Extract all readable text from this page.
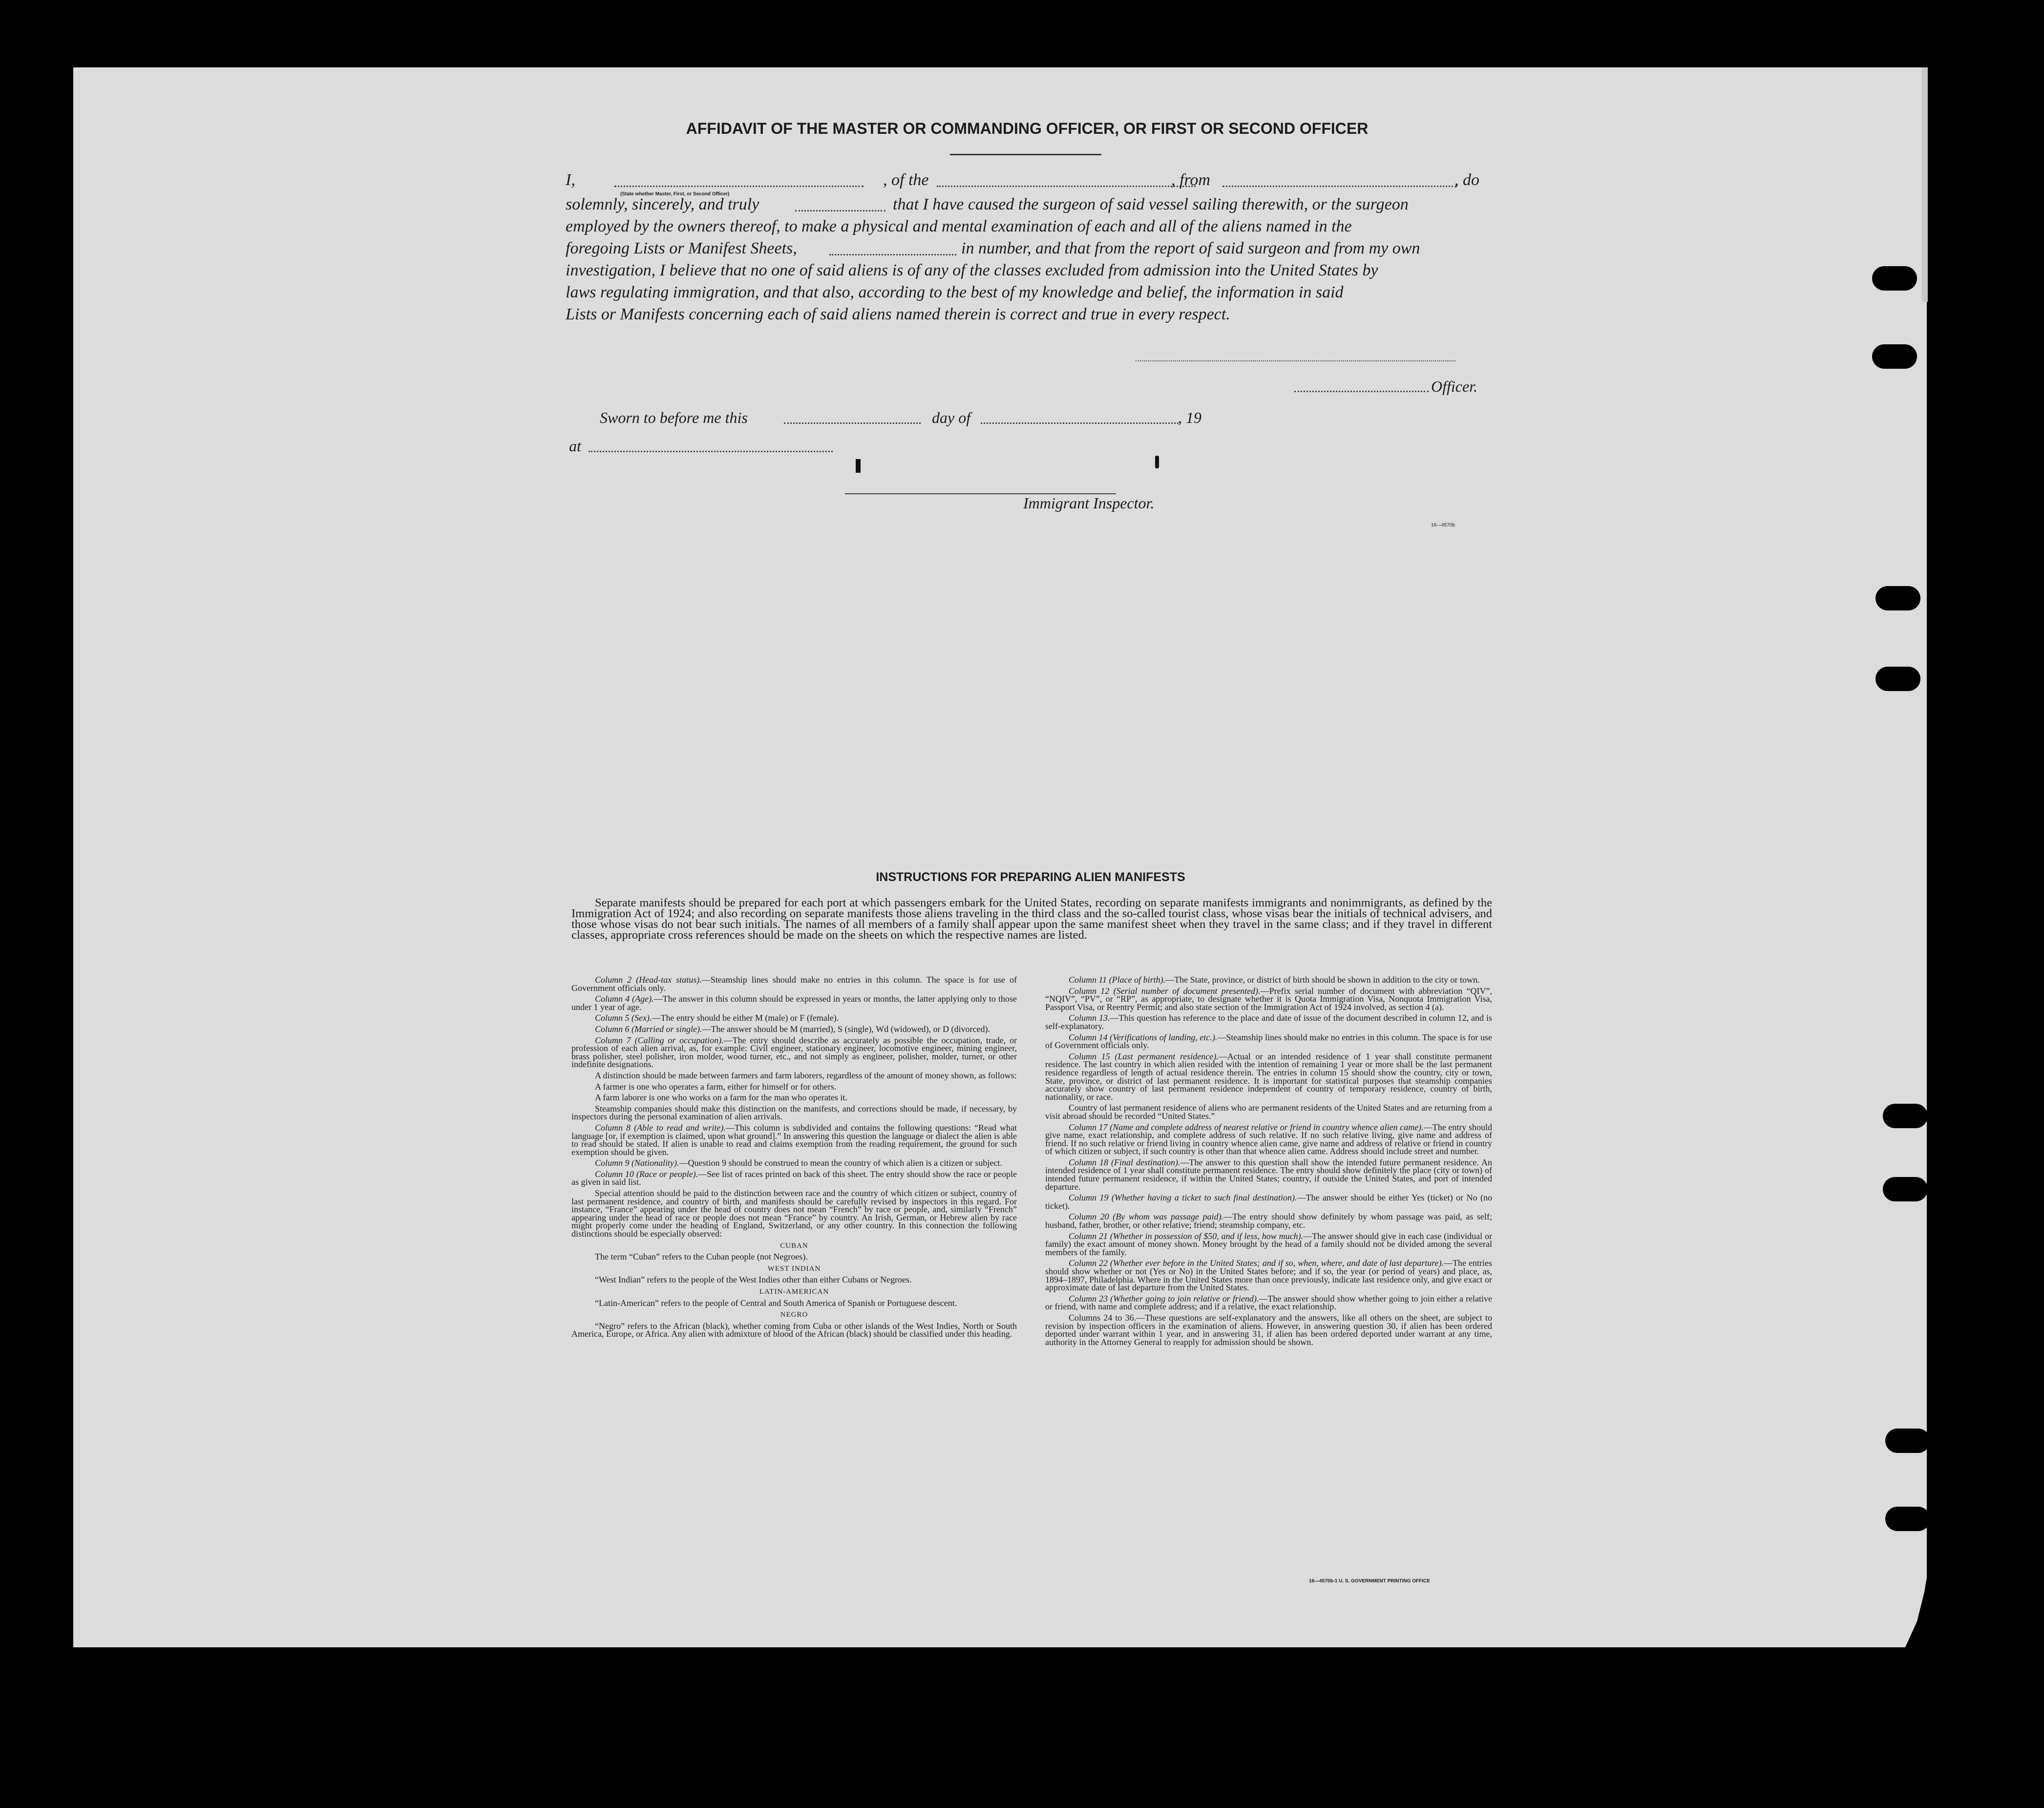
AFFIDAVIT OF THE MASTER OR COMMANDING OFFICER, OR FIRST OR SECOND OFFICER
I,	, of the	, from	, do
(State whether Master, First, or Second Officer)
solemnly, sincerely, and truly	that I have caused the surgeon of said vessel sailing therewith, or the surgeon
employed by the owners thereof, to make a physical and mental examination of each and all of the aliens named in the
foregoing Lists or Manifest Sheets,	in number, and that from the report of said surgeon and from my own
investigation, I believe that no one of said aliens is of any of the classes excluded from admission into the United States by
laws regulating immigration, and that also, according to the best of my knowledge and belief, the information in said
Lists or Manifests concerning each of said aliens named therein is correct and true in every respect.
Officer.
Sworn to before me this	day of	, 19
at
Immigrant Inspector.
16—4570b
INSTRUCTIONS FOR PREPARING ALIEN MANIFESTS
Separate manifests should be prepared for each port at which passengers embark for the United States, recording on separate manifests immigrants and nonimmigrants, as defined by the Immigration Act of 1924; and also recording on separate manifests those aliens traveling in the third class and the so-called tourist class, whose visas bear the initials of technical advisers, and those whose visas do not bear such initials. The names of all members of a family shall appear upon the same manifest sheet when they travel in the same class; and if they travel in different classes, appropriate cross references should be made on the sheets on which the respective names are listed.

Column 2 (Head-tax status).—Steamship lines should make no entries in this column. The space is for use of Government officials only.

Column 4 (Age).—The answer in this column should be expressed in years or months, the latter applying only to those under 1 year of age.

Column 5 (Sex).—The entry should be either M (male) or F (female).

Column 6 (Married or single).—The answer should be M (married), S (single), Wd (widowed), or D (divorced).

Column 7 (Calling or occupation).—The entry should describe as accurately as possible the occupation, trade, or profession of each alien arrival, as, for example: Civil engineer, stationary engineer, locomotive engineer, mining engineer, brass polisher, steel polisher, iron molder, wood turner, etc., and not simply as engineer, polisher, molder, turner, or other indefinite designations.

A distinction should be made between farmers and farm laborers, regardless of the amount of money shown, as follows:

A farmer is one who operates a farm, either for himself or for others.

A farm laborer is one who works on a farm for the man who operates it.

Steamship companies should make this distinction on the manifests, and corrections should be made, if necessary, by inspectors during the personal examination of alien arrivals.

Column 8 (Able to read and write).—This column is subdivided and contains the following questions: “Read what language [or, if exemption is claimed, upon what ground].” In answering this question the language or dialect the alien is able to read should be stated. If alien is unable to read and claims exemption from the reading requirement, the ground for such exemption should be given.

Column 9 (Nationality).—Question 9 should be construed to mean the country of which alien is a citizen or subject.

Column 10 (Race or people).—See list of races printed on back of this sheet. The entry should show the race or people as given in said list.

Special attention should be paid to the distinction between race and the country of which citizen or subject, country of last permanent residence, and country of birth, and manifests should be carefully revised by inspectors in this regard. For instance, “France” appearing under the head of country does not mean “French” by race or people, and, similarly “French” appearing under the head of race or people does not mean “France” by country. An Irish, German, or Hebrew alien by race might properly come under the heading of England, Switzerland, or any other country. In this connection the following distinctions should be especially observed:

CUBAN

The term “Cuban” refers to the Cuban people (not Negroes).

WEST INDIAN

“West Indian” refers to the people of the West Indies other than either Cubans or Negroes.

LATIN-AMERICAN

“Latin-American” refers to the people of Central and South America of Spanish or Portuguese descent.

NEGRO

“Negro” refers to the African (black), whether coming from Cuba or other islands of the West Indies, North or South America, Europe, or Africa. Any alien with admixture of blood of the African (black) should be classified under this heading.

Column 11 (Place of birth).—The State, province, or district of birth should be shown in addition to the city or town.

Column 12 (Serial number of document presented).—Prefix serial number of document with abbreviation “QIV”, “NQIV”, “PV”, or “RP”, as appropriate, to designate whether it is Quota Immigration Visa, Nonquota Immigration Visa, Passport Visa, or Reentry Permit; and also state section of the Immigration Act of 1924 involved, as section 4 (a).

Column 13.—This question has reference to the place and date of issue of the document described in column 12, and is self-explanatory.

Column 14 (Verifications of landing, etc.).—Steamship lines should make no entries in this column. The space is for use of Government officials only.

Column 15 (Last permanent residence).—Actual or an intended residence of 1 year shall constitute permanent residence. The last country in which alien resided with the intention of remaining 1 year or more shall be the last permanent residence regardless of length of actual residence therein. The entries in column 15 should show the country, city or town, State, province, or district of last permanent residence. It is important for statistical purposes that steamship companies accurately show country of last permanent residence independent of country of temporary residence, country of birth, nationality, or race.

Country of last permanent residence of aliens who are permanent residents of the United States and are returning from a visit abroad should be recorded “United States.”

Column 17 (Name and complete address of nearest relative or friend in country whence alien came).—The entry should give name, exact relationship, and complete address of such relative. If no such relative living, give name and address of friend. If no such relative or friend living in country whence alien came, give name and address of relative or friend in country of which citizen or subject, if such country is other than that whence alien came. Address should include street and number.

Column 18 (Final destination).—The answer to this question shall show the intended future permanent residence. An intended residence of 1 year shall constitute permanent residence. The entry should show definitely the place (city or town) of intended future permanent residence, if within the United States; country, if outside the United States, and port of intended departure.

Column 19 (Whether having a ticket to such final destination).—The answer should be either Yes (ticket) or No (no ticket).

Column 20 (By whom was passage paid).—The entry should show definitely by whom passage was paid, as self; husband, father, brother, or other relative; friend; steamship company, etc.

Column 21 (Whether in possession of $50, and if less, how much).—The answer should give in each case (individual or family) the exact amount of money shown. Money brought by the head of a family should not be divided among the several members of the family.

Column 22 (Whether ever before in the United States; and if so, when, where, and date of last departure).—The entries should show whether or not (Yes or No) in the United States before; and if so, the year (or period of years) and place, as, 1894–1897, Philadelphia. Where in the United States more than once previously, indicate last residence only, and give exact or approximate date of last departure from the United States.

Column 23 (Whether going to join relative or friend).—The answer should show whether going to join either a relative or friend, with name and complete address; and if a relative, the exact relationship.

Columns 24 to 36.—These questions are self-explanatory and the answers, like all others on the sheet, are subject to revision by inspection officers in the examination of aliens. However, in answering question 30, if alien has been ordered deported under warrant within 1 year, and in answering 31, if alien has been ordered deported under warrant at any time, authority in the Attorney General to reapply for admission should be shown.

16—4570b-1 U. S. GOVERNMENT PRINTING OFFICE
